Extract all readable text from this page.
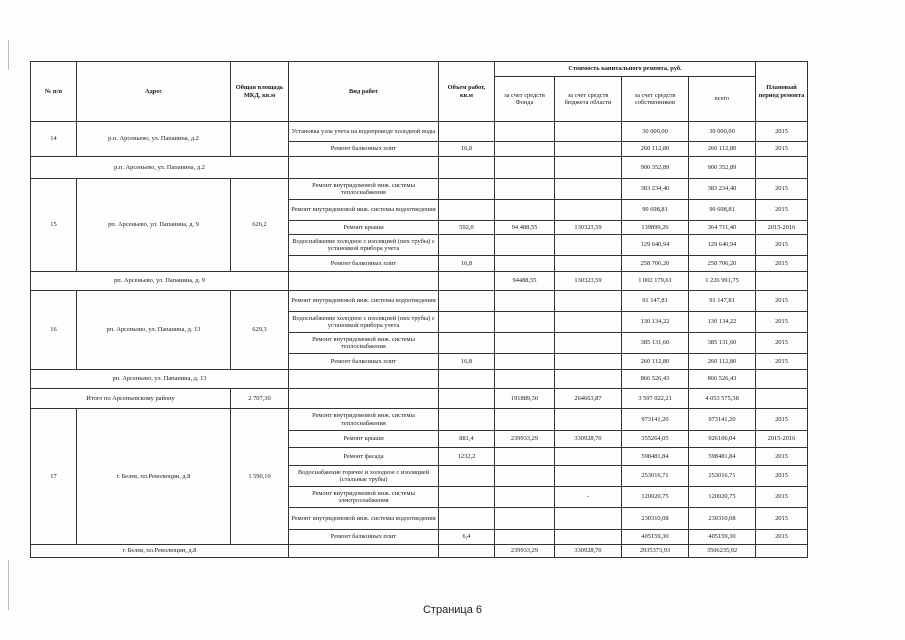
№ п/п	Адрес	Общая площадь МКД, кв.м	Вид работ	Объем работ, кв.м	Стоимость капитального ремонта, руб.				Плановый период ремонта
					за счет средств Фонда	за счет средств бюджета области	за счет средств собственников	всего	
14	р.п. Арсеньево, ул. Папанина, д.2		Установка узла учета на водопроводе холодной воды				30 000,00	30 000,00	2015
			Ремонт балконных плит	16,8			260 112,80	260 112,80	2015
р.п. Арсеньево, ул. Папанина, д.2							900 352,89	900 352,89	
15	рп. Арсеньево, ул. Папанина, д. 9	626,2	Ремонт внутридомовой инж. системы теплоснабжения				383 234,40	383 234,40	2015
			Ремонт внутридомовой инж. системы водоотведения				90 698,81	90 698,81	2015
			Ремонт крыши	592,0	94 488,55	130323,59	139899,26	364 711,40	2015-2016
			Водоснабжение холодное с изоляцией (пнх трубы) с установкой прибора учета				129 640,94	129 640,94	2015
			Ремонт балконных плит	16,8			258 706,20	258 706,20	2015
рп. Арсеньево, ул. Папанина, д. 9					94488,55	130323,59	1 002 179,61	1 226 991,75	
16	рп. Арсеньево, ул. Папанина, д. 13	629,3	Ремонт внутридомовой инж. системы водоотведения				91 147,81	91 147,81	2015
			Водоснабжение холодное с изоляцией (пнх трубы) с установкой прибора учета				130 134,22	130 134,22	2015
			Ремонт внутридомовой инж. системы теплоснабжения				385 131,60	385 131,60	2015
			Ремонт балконных плит	16,8			260 112,80	260 112,80	2015
рп. Арсеньево, ул. Папанина, д. 13							866 526,43	866 526,43	
Итого по Арсеньевскому району		2 707,30			191889,30	264663,87	3 597 022,21	4 053 575,38	
17	г. Белев, пл.Революции, д.8	1 590,10	Ремонт внутридомовой инж. системы теплоснабжения				973141,20	973141,20	2015
			Ремонт крыши	881,4	239933,29	330928,70	355264,05	926106,04	2015-2016
			Ремонт фасада	1232,2			598481,84	598481,84	2015
			Водоснабжение горячее и холодное с изоляцией (стальные трубы)				253016,71	253016,71	2015
			Ремонт внутридомовой инж. системы электроснабжения			-	120020,75	120020,75	2015
			Ремонт внутридомовой инж. системы водоотведения				230310,08	230310,08	2015
			Ремонт балконных плит	6,4			405159,30	405159,30	2015
г. Белев, пл.Революции, д.8					239933,29	330928,70	2935373,93	3506235,92	
Страница 6
